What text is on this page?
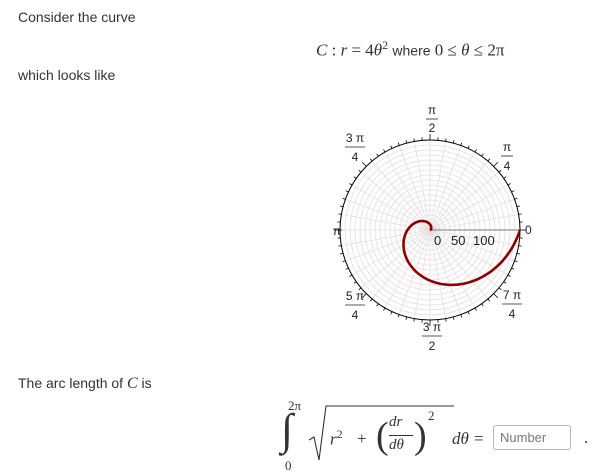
Consider the curve
C : $r = 4\theta^2$ where 0 ≤ θ ≤ 2π
which looks like
0 50 100
0
π
2
π
4
3 π
4
π
5 π
4
3 π
2
7 π
4
The arc length of C is
2π
∫
0
$r^2$ + ( )
dr
dθ
2
dθ =
Number	.
